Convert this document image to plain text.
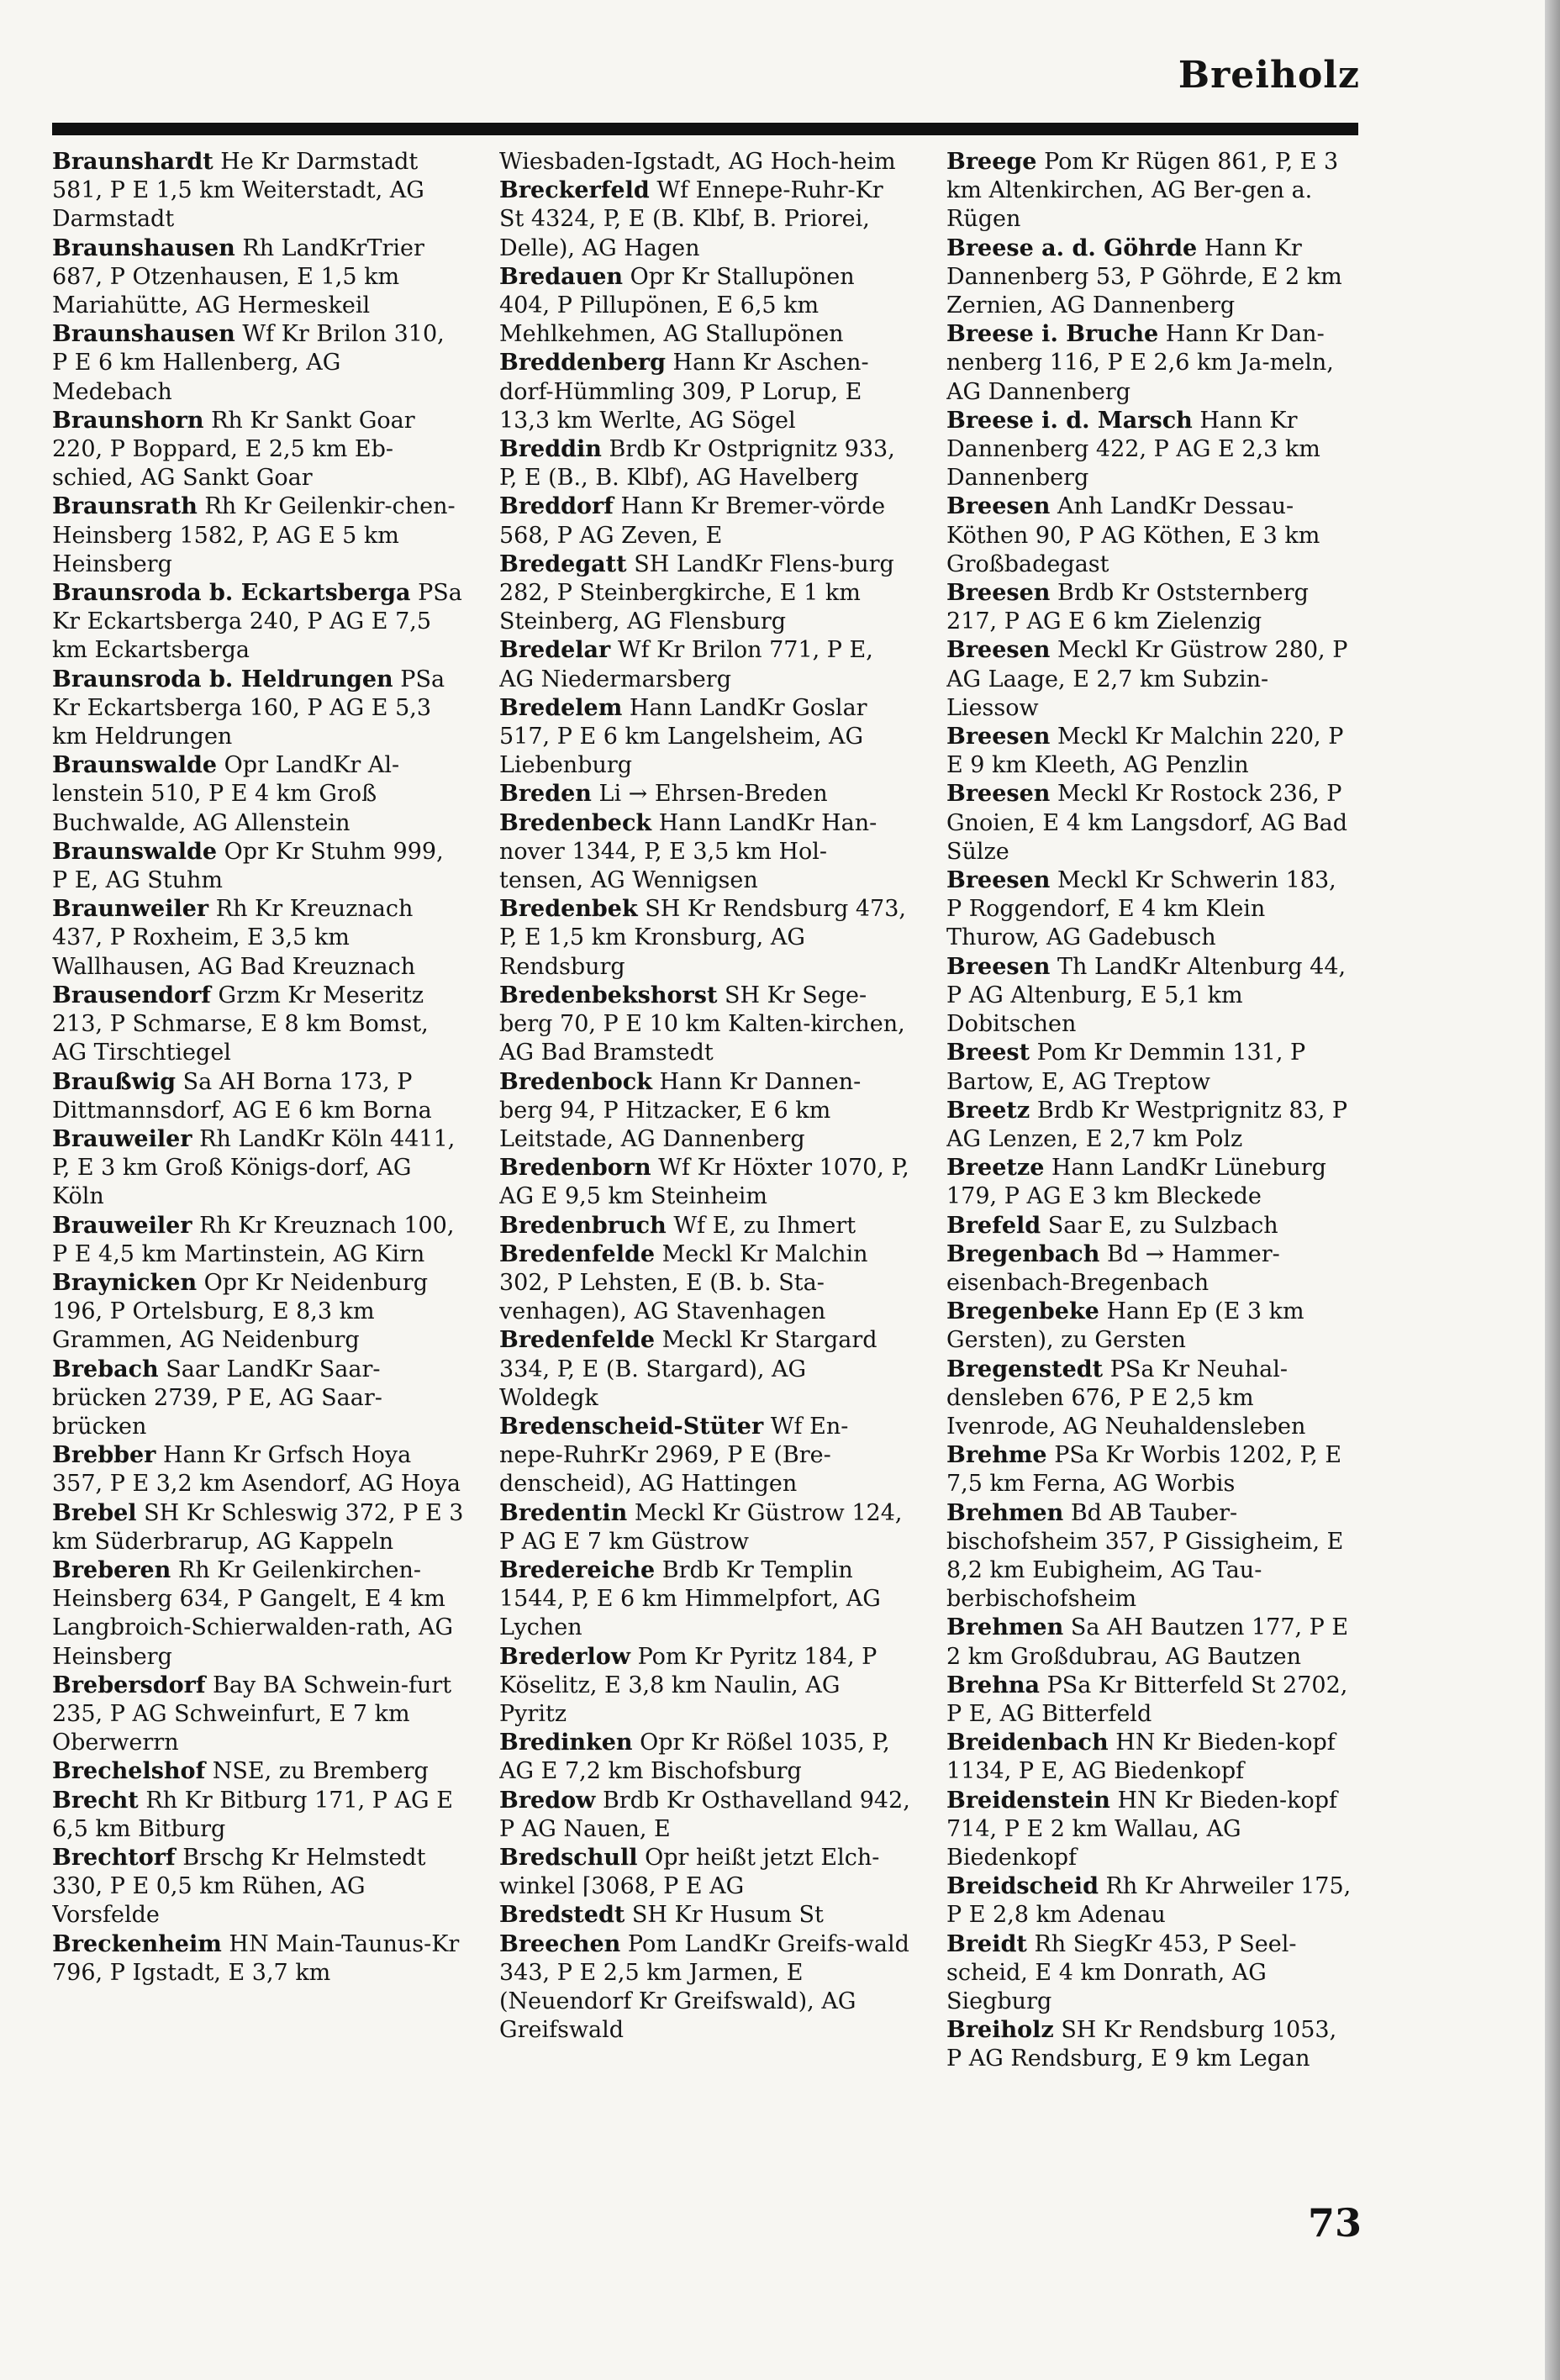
Breiholz

Braunshardt He Kr Darmstadt 581, P E 1,5 km Weiterstadt, AG Darmstadt

Braunshausen Rh LandKrTrier 687, P Otzenhausen, E 1,5 km Mariahütte, AG Hermeskeil

Braunshausen Wf Kr Brilon 310, P E 6 km Hallenberg, AG Medebach

Braunshorn Rh Kr Sankt Goar 220, P Boppard, E 2,5 km Eb-schied, AG Sankt Goar

Braunsrath Rh Kr Geilenkir-chen-Heinsberg 1582, P, AG E 5 km Heinsberg

Braunsroda b. Eckartsberga PSa Kr Eckartsberga 240, P AG E 7,5 km Eckartsberga

Braunsroda b. Heldrungen PSa Kr Eckartsberga 160, P AG E 5,3 km Heldrungen

Braunswalde Opr LandKr Al-lenstein 510, P E 4 km Groß Buchwalde, AG Allenstein

Braunswalde Opr Kr Stuhm 999, P E, AG Stuhm

Braunweiler Rh Kr Kreuznach 437, P Roxheim, E 3,5 km Wallhausen, AG Bad Kreuznach

Brausendorf Grzm Kr Meseritz 213, P Schmarse, E 8 km Bomst, AG Tirschtiegel

Braußwig Sa AH Borna 173, P Dittmannsdorf, AG E 6 km Borna

Brauweiler Rh LandKr Köln 4411, P, E 3 km Groß Königs-dorf, AG Köln

Brauweiler Rh Kr Kreuznach 100, P E 4,5 km Martinstein, AG Kirn

Braynicken Opr Kr Neidenburg 196, P Ortelsburg, E 8,3 km Grammen, AG Neidenburg

Brebach Saar LandKr Saar-brücken 2739, P E, AG Saar-brücken

Brebber Hann Kr Grfsch Hoya 357, P E 3,2 km Asendorf, AG Hoya

Brebel SH Kr Schleswig 372, P E 3 km Süderbrarup, AG Kappeln

Breberen Rh Kr Geilenkirchen-Heinsberg 634, P Gangelt, E 4 km Langbroich-Schierwalden-rath, AG Heinsberg

Brebersdorf Bay BA Schwein-furt 235, P AG Schweinfurt, E 7 km Oberwerrn

Brechelshof NSE, zu Bremberg

Brecht Rh Kr Bitburg 171, P AG E 6,5 km Bitburg

Brechtorf Brschg Kr Helmstedt 330, P E 0,5 km Rühen, AG Vorsfelde

Breckenheim HN Main-Taunus-Kr 796, P Igstadt, E 3,7 km

Wiesbaden-Igstadt, AG Hoch-heim

Breckerfeld Wf Ennepe-Ruhr-Kr St 4324, P, E (B. Klbf, B. Priorei, Delle), AG Hagen

Bredauen Opr Kr Stallupönen 404, P Pillupönen, E 6,5 km Mehlkehmen, AG Stallupönen

Breddenberg Hann Kr Aschen-dorf-Hümmling 309, P Lorup, E 13,3 km Werlte, AG Sögel

Breddin Brdb Kr Ostprignitz 933, P, E (B., B. Klbf), AG Havelberg

Breddorf Hann Kr Bremer-vörde 568, P AG Zeven, E

Bredegatt SH LandKr Flens-burg 282, P Steinbergkirche, E 1 km Steinberg, AG Flensburg

Bredelar Wf Kr Brilon 771, P E, AG Niedermarsberg

Bredelem Hann LandKr Goslar 517, P E 6 km Langelsheim, AG Liebenburg

Breden Li → Ehrsen-Breden

Bredenbeck Hann LandKr Han-nover 1344, P, E 3,5 km Hol-tensen, AG Wennigsen

Bredenbek SH Kr Rendsburg 473, P, E 1,5 km Kronsburg, AG Rendsburg

Bredenbekshorst SH Kr Sege-berg 70, P E 10 km Kalten-kirchen, AG Bad Bramstedt

Bredenbock Hann Kr Dannen-berg 94, P Hitzacker, E 6 km Leitstade, AG Dannenberg

Bredenborn Wf Kr Höxter 1070, P, AG E 9,5 km Steinheim

Bredenbruch Wf E, zu Ihmert

Bredenfelde Meckl Kr Malchin 302, P Lehsten, E (B. b. Sta-venhagen), AG Stavenhagen

Bredenfelde Meckl Kr Stargard 334, P, E (B. Stargard), AG Woldegk

Bredenscheid-Stüter Wf En-nepe-RuhrKr 2969, P E (Bre-denscheid), AG Hattingen

Bredentin Meckl Kr Güstrow 124, P AG E 7 km Güstrow

Bredereiche Brdb Kr Templin 1544, P, E 6 km Himmelpfort, AG Lychen

Brederlow Pom Kr Pyritz 184, P Köselitz, E 3,8 km Naulin, AG Pyritz

Bredinken Opr Kr Rößel 1035, P, AG E 7,2 km Bischofsburg

Bredow Brdb Kr Osthavelland 942, P AG Nauen, E

Bredschull Opr heißt jetzt Elch-winkel ⌈3068, P E AG

Bredstedt SH Kr Husum St

Breechen Pom LandKr Greifs-wald 343, P E 2,5 km Jarmen, E (Neuendorf Kr Greifswald), AG Greifswald

Breege Pom Kr Rügen 861, P, E 3 km Altenkirchen, AG Ber-gen a. Rügen

Breese a. d. Göhrde Hann Kr Dannenberg 53, P Göhrde, E 2 km Zernien, AG Dannenberg

Breese i. Bruche Hann Kr Dan-nenberg 116, P E 2,6 km Ja-meln, AG Dannenberg

Breese i. d. Marsch Hann Kr Dannenberg 422, P AG E 2,3 km Dannenberg

Breesen Anh LandKr Dessau-Köthen 90, P AG Köthen, E 3 km Großbadegast

Breesen Brdb Kr Oststernberg 217, P AG E 6 km Zielenzig

Breesen Meckl Kr Güstrow 280, P AG Laage, E 2,7 km Subzin-Liessow

Breesen Meckl Kr Malchin 220, P E 9 km Kleeth, AG Penzlin

Breesen Meckl Kr Rostock 236, P Gnoien, E 4 km Langsdorf, AG Bad Sülze

Breesen Meckl Kr Schwerin 183, P Roggendorf, E 4 km Klein Thurow, AG Gadebusch

Breesen Th LandKr Altenburg 44, P AG Altenburg, E 5,1 km Dobitschen

Breest Pom Kr Demmin 131, P Bartow, E, AG Treptow

Breetz Brdb Kr Westprignitz 83, P AG Lenzen, E 2,7 km Polz

Breetze Hann LandKr Lüneburg 179, P AG E 3 km Bleckede

Brefeld Saar E, zu Sulzbach

Bregenbach Bd → Hammer-eisenbach-Bregenbach

Bregenbeke Hann Ep (E 3 km Gersten), zu Gersten

Bregenstedt PSa Kr Neuhal-densleben 676, P E 2,5 km Ivenrode, AG Neuhaldensleben

Brehme PSa Kr Worbis 1202, P, E 7,5 km Ferna, AG Worbis

Brehmen Bd AB Tauber-bischofsheim 357, P Gissigheim, E 8,2 km Eubigheim, AG Tau-berbischofsheim

Brehmen Sa AH Bautzen 177, P E 2 km Großdubrau, AG Bautzen

Brehna PSa Kr Bitterfeld St 2702, P E, AG Bitterfeld

Breidenbach HN Kr Bieden-kopf 1134, P E, AG Biedenkopf

Breidenstein HN Kr Bieden-kopf 714, P E 2 km Wallau, AG Biedenkopf

Breidscheid Rh Kr Ahrweiler 175, P E 2,8 km Adenau

Breidt Rh SiegKr 453, P Seel-scheid, E 4 km Donrath, AG Siegburg

Breiholz SH Kr Rendsburg 1053, P AG Rendsburg, E 9 km Legan

73
